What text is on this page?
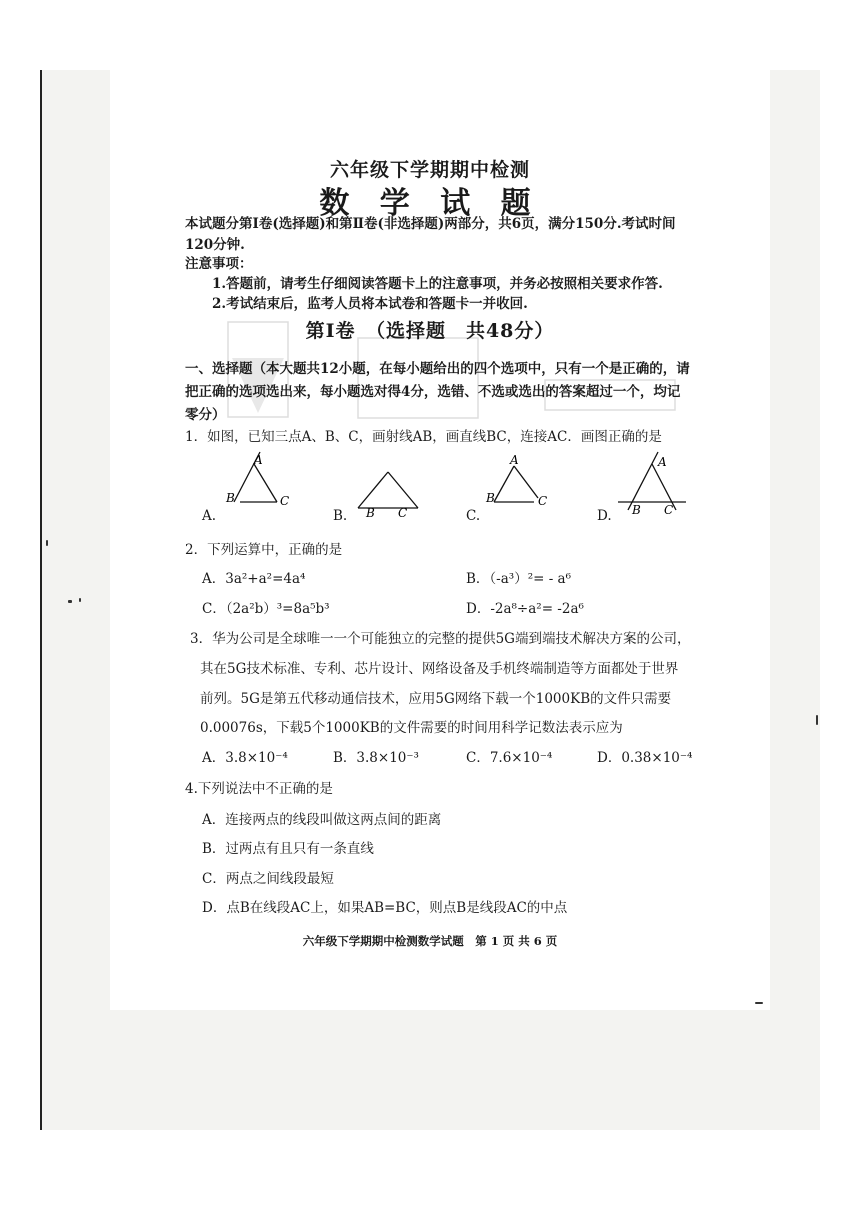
六年级下学期期中检测
数 学 试 题
本试题分第Ⅰ卷(选择题)和第Ⅱ卷(非选择题)两部分，共6页，满分150分.考试时间
120分钟.
注意事项：
1.答题前，请考生仔细阅读答题卡上的注意事项，并务必按照相关要求作答.
2.考试结束后，监考人员将本试卷和答题卡一并收回.
第Ⅰ卷　（选择题　共48分）
一、选择题（本大题共12小题，在每小题给出的四个选项中，只有一个是正确的，请
把正确的选项选出来，每小题选对得4分，选错、不选或选出的答案超过一个，均记
零分）
1．如图，已知三点A、B、C，画射线AB，画直线BC，连接AC．画图正确的是
A.
A
B	C
B. B C	C.
A
B	C
D.
A
B C
2．下列运算中，正确的是
A．3a²+a²=4a⁴	B．（-a³）²= - a⁶
C．（2a²b）³=8a⁵b³	D．-2a⁸÷a²= -2a⁶
3．华为公司是全球唯一一个可能独立的完整的提供5G端到端技术解决方案的公司，
其在5G技术标准、专利、芯片设计、网络设备及手机终端制造等方面都处于世界
前列。5G是第五代移动通信技术，应用5G网络下载一个1000KB的文件只需要
0.00076s，下载5个1000KB的文件需要的时间用科学记数法表示应为
A．3.8×10⁻⁴	B．3.8×10⁻³	C．7.6×10⁻⁴	D．0.38×10⁻⁴
4.下列说法中不正确的是
A．连接两点的线段叫做这两点间的距离
B．过两点有且只有一条直线
C．两点之间线段最短
D．点B在线段AC上，如果AB=BC，则点B是线段AC的中点
六年级下学期期中检测数学试题　第 1 页 共 6 页
